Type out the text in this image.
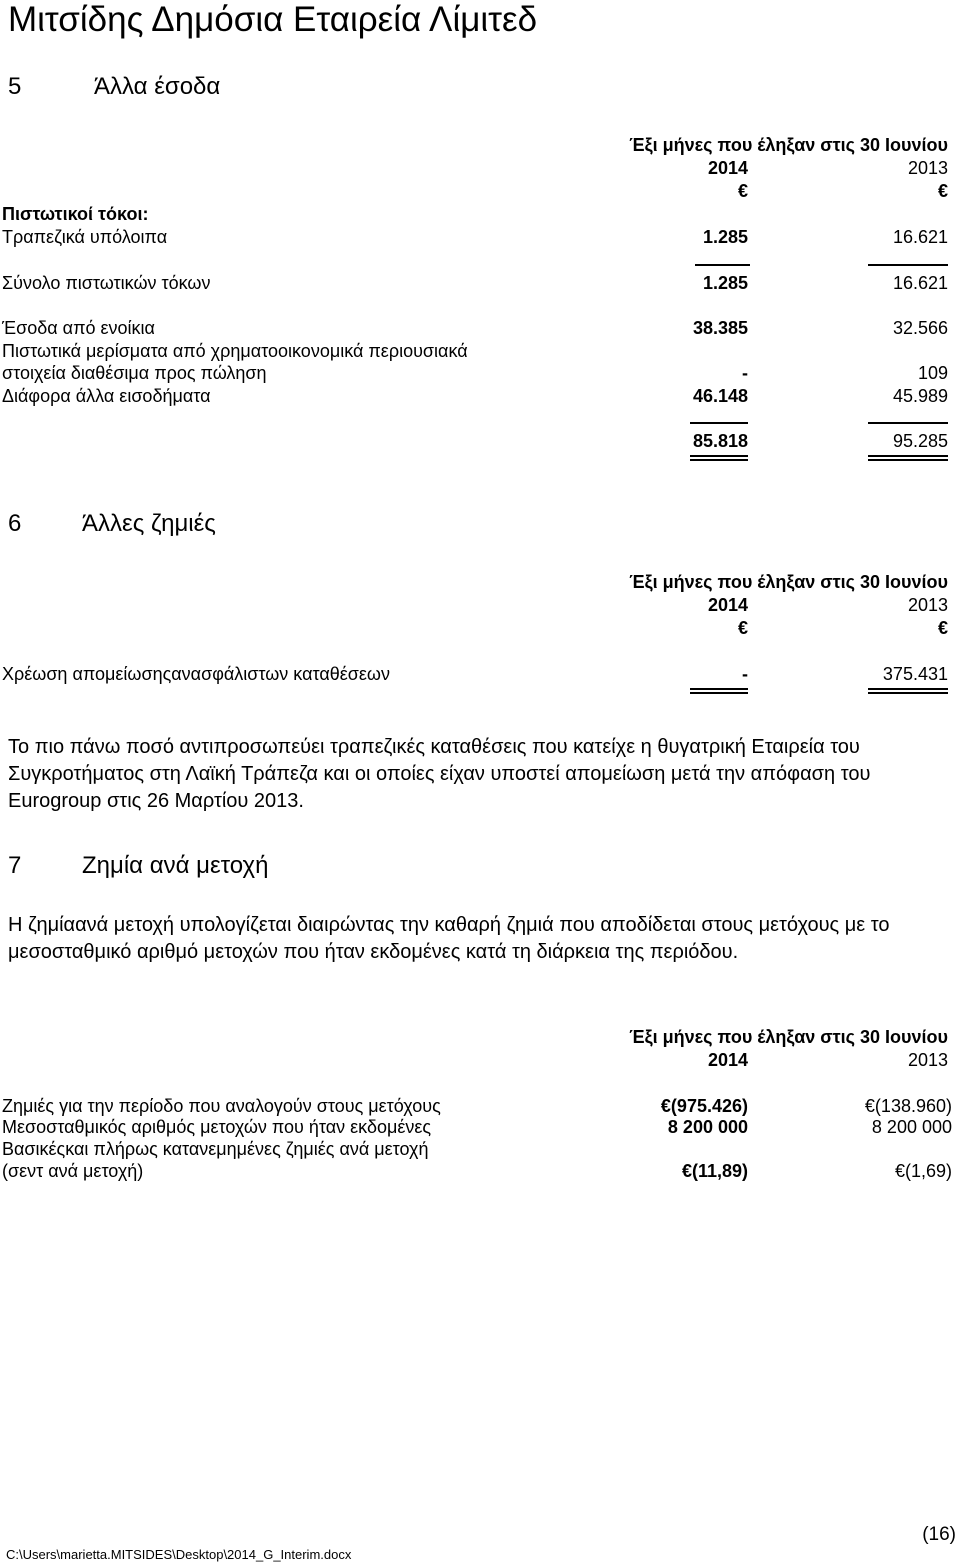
Μιτσίδης Δημόσια Εταιρεία Λίμιτεδ
5	Άλλα έσοδα
Έξι μήνες που έληξαν στις 30 Ιουνίου
2014	2013
€	€
Πιστωτικοί τόκοι:
Τραπεζικά υπόλοιπα	1.285	16.621
Σύνολο πιστωτικών τόκων	1.285	16.621
Έσοδα από ενοίκια	38.385	32.566
Πιστωτικά μερίσματα από χρηματοοικονομικά περιουσιακά
στοιχεία διαθέσιμα προς πώληση	-	109
Διάφορα άλλα εισοδήματα	46.148	45.989
85.818	95.285
6	Άλλες ζημιές
Έξι μήνες που έληξαν στις 30 Ιουνίου
2014	2013
€	€
Χρέωση απομείωσηςανασφάλιστων καταθέσεων	-	375.431
Το πιο πάνω ποσό αντιπροσωπεύει τραπεζικές καταθέσεις που κατείχε η θυγατρική Εταιρεία του Συγκροτήματος στη Λαϊκή Τράπεζα και οι οποίες είχαν υποστεί απομείωση μετά την απόφαση του Eurogroup στις 26 Μαρτίου 2013.
7	Ζημία ανά μετοχή
Η ζημίαανά μετοχή υπολογίζεται διαιρώντας την καθαρή ζημιά που αποδίδεται στους μετόχους με το μεσοσταθμικό αριθμό μετοχών που ήταν εκδομένες κατά τη διάρκεια της περιόδου.
Έξι μήνες που έληξαν στις 30 Ιουνίου
2014	2013
Ζημιές για την περίοδο που αναλογούν στους μετόχους	€(975.426)	€(138.960)
Μεσοσταθμικός αριθμός μετοχών που ήταν εκδομένες	8 200 000	8 200 000
Βασικέςκαι πλήρως κατανεμημένες ζημιές ανά μετοχή
(σεντ ανά μετοχή)	€(11,89)	€(1,69)
(16)
C:\Users\marietta.MITSIDES\Desktop\2014_G_Interim.docx
